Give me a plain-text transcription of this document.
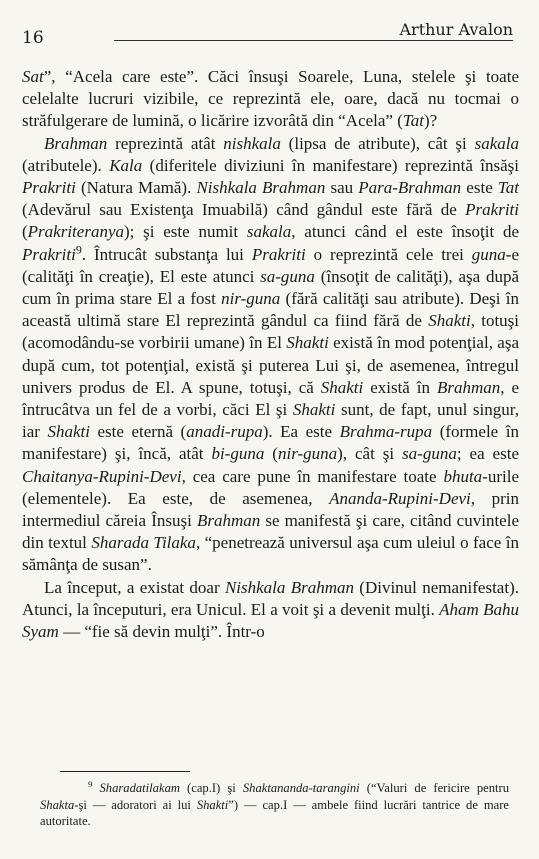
16	Arthur Avalon

Sat”, “Acela care este”. Căci însuşi Soarele, Luna, stelele şi toate celelalte lucruri vizibile, ce reprezintă ele, oare, dacă nu tocmai o străfulgerare de lumină, o licărire izvorâtă din “Acela” (Tat)?

Brahman reprezintă atât nishkala (lipsa de atribute), cât şi sakala (atributele). Kala (diferitele diviziuni în manifestare) reprezintă însăşi Prakriti (Natura Mamă). Nishkala Brahman sau Para-Brahman este Tat (Adevărul sau Existenţa Imuabilă) când gândul este fără de Prakriti (Prakriteranya); şi este numit sakala, atunci când el este însoţit de Prakriti$^9$. Întrucât substanţa lui Prakriti o reprezintă cele trei guna-e (calităţi în creaţie), El este atunci sa-guna (însoţit de calităţi), aşa după cum în prima stare El a fost nir-guna (fără calităţi sau atribute). Deşi în această ultimă stare El reprezintă gândul ca fiind fără de Shakti, totuşi (acomodându-se vorbirii umane) în El Shakti există în mod potenţial, aşa după cum, tot potenţial, există şi puterea Lui şi, de asemenea, întregul univers produs de El. A spune, totuşi, că Shakti există în Brahman, e întrucâtva un fel de a vorbi, căci El şi Shakti sunt, de fapt, unul singur, iar Shakti este eternă (anadi-rupa). Ea este Brahma-rupa (formele în manifestare) şi, încă, atât bi-guna (nir-guna), cât şi sa-guna; ea este Chaitanya-Rupini-Devi, cea care pune în manifestare toate bhuta-urile (elementele). Ea este, de asemenea, Ananda-Rupini-Devi, prin intermediul căreia Însuşi Brahman se manifestă şi care, citând cuvintele din textul Sharada Tilaka, “penetrează universul aşa cum uleiul o face în sămânţa de susan”.

La început, a existat doar Nishkala Brahman (Divinul nemanifestat). Atunci, la începuturi, era Unicul. El a voit şi a devenit mulţi. Aham Bahu Syam — “fie să devin mulţi”. Într-o

$^9$ Sharadatilakam (cap.I) şi Shaktananda-tarangini (“Valuri de fericire pentru Shakta-şi — adoratori ai lui Shakti”) — cap.I — ambele fiind lucrări tantrice de mare autoritate.
